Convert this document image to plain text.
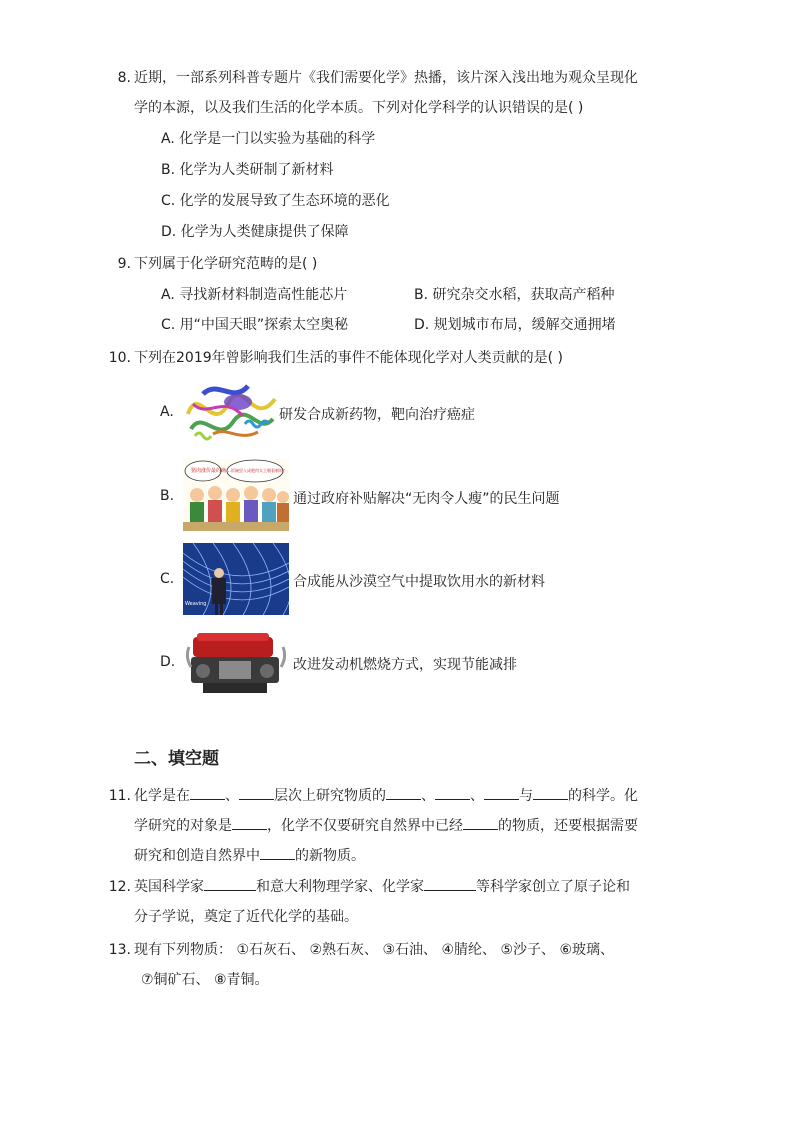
8. 近期，一部系列科普专题片《我们需要化学》热播，该片深入浅出地为观众呈现化
学的本源，以及我们生活的化学本质。下列对化学科学的认识错误的是( )
A. 化学是一门以实验为基础的科学
B. 化学为人类研制了新材料
C. 化学的发展导致了生态环境的恶化
D. 化学为人类健康提供了保障
9. 下列属于化学研究范畴的是( )
A. 寻找新材料制造高性能芯片	B. 研究杂交水稻，获取高产稻种
C. 用“中国天眼”探索太空奥秘	D. 规划城市布局，缓解交通拥堵
10. 下列在2019年曾影响我们生活的事件不能体现化学对人类贡献的是( )
A.	研发合成新药物，靶向治疗癌症
B.
猪肉涨价最的确… 饭碗里入成肥肉太王朝看朝吗？
通过政府补贴解决“无肉令人瘦”的民生问题
C.
Weaving
合成能从沙漠空气中提取饮用水的新材料
D.	改进发动机燃烧方式，实现节能减排
二、填空题
11. 化学是在	、	层次上研究物质的	、	、	与	的科学。化
学研究的对象是	，化学不仅要研究自然界中已经	的物质，还要根据需要
研究和创造自然界中	的新物质。
12. 英国科学家	和意大利物理学家、化学家	等科学家创立了原子论和
分子学说，奠定了近代化学的基础。
13. 现有下列物质： ①石灰石、 ②熟石灰、 ③石油、 ④腈纶、 ⑤沙子、 ⑥玻璃、
⑦铜矿石、 ⑧青铜。
